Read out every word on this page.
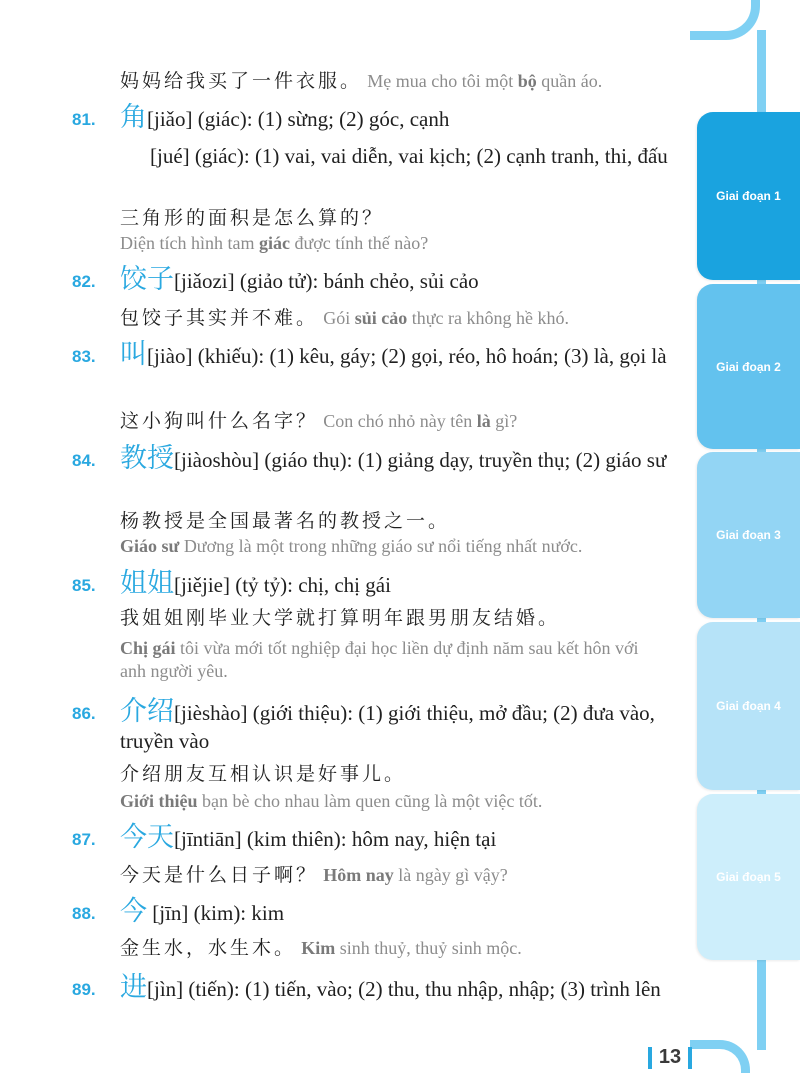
妈妈给我买了一件衣服。 Mẹ mua cho tôi một bộ quần áo.
81. 角[jiǎo] (giác): (1) sừng; (2) góc, cạnh
[jué] (giác): (1) vai, vai diễn, vai kịch; (2) cạnh tranh, thi, đấu
三角形的面积是怎么算的？
Diện tích hình tam giác được tính thế nào?
82. 饺子[jiǎozi] (giảo tử): bánh chẻo, sủi cảo
包饺子其实并不难。 Gói sủi cảo thực ra không hề khó.
83. 叫[jiào] (khiếu): (1) kêu, gáy; (2) gọi, réo, hô hoán; (3) là, gọi là
这小狗叫什么名字？ Con chó nhỏ này tên là gì?
84. 教授[jiàoshòu] (giáo thụ): (1) giảng dạy, truyền thụ; (2) giáo sư
杨教授是全国最著名的教授之一。
Giáo sư Dương là một trong những giáo sư nổi tiếng nhất nước.
85. 姐姐[jiějie] (tỷ tỷ): chị, chị gái
我姐姐刚毕业大学就打算明年跟男朋友结婚。
Chị gái tôi vừa mới tốt nghiệp đại học liền dự định năm sau kết hôn với anh người yêu.
86. 介绍[jièshào] (giới thiệu): (1) giới thiệu, mở đầu; (2) đưa vào, truyền vào
介绍朋友互相认识是好事儿。
Giới thiệu bạn bè cho nhau làm quen cũng là một việc tốt.
87. 今天[jīntiān] (kim thiên): hôm nay, hiện tại
今天是什么日子啊？ Hôm nay là ngày gì vậy?
88. 今 [jīn] (kim): kim
金生水，水生木。 Kim sinh thuỷ, thuỷ sinh mộc.
89. 进[jìn] (tiến): (1) tiến, vào; (2) thu, thu nhập, nhập; (3) trình lên
Giai đoạn 1
Giai đoạn 2
Giai đoạn 3
Giai đoạn 4
Giai đoạn 5
13
